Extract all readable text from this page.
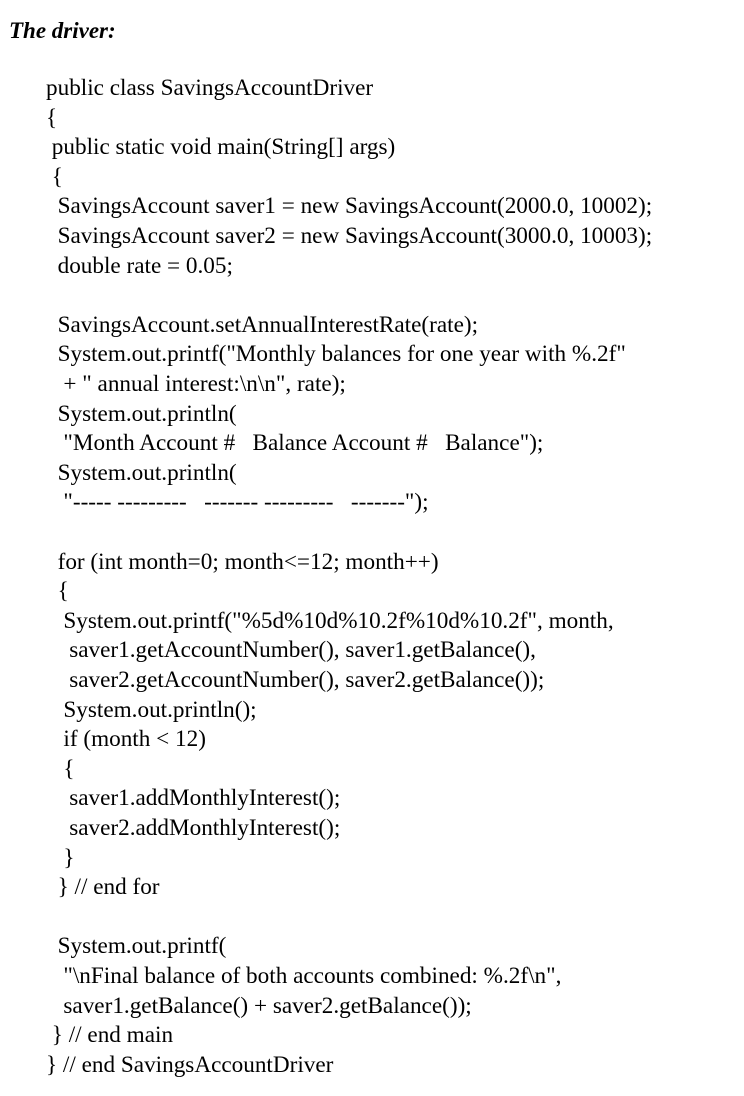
The driver:
public class SavingsAccountDriver
{
public static void main(String[] args)
{
SavingsAccount saver1 = new SavingsAccount(2000.0, 10002);
SavingsAccount saver2 = new SavingsAccount(3000.0, 10003);
double rate = 0.05;
SavingsAccount.setAnnualInterestRate(rate);
System.out.printf("Monthly balances for one year with %.2f"
+ " annual interest:\n\n", rate);
System.out.println(
"Month Account #   Balance Account #   Balance");
System.out.println(
"----- ---------   ------- ---------   -------");
for (int month=0; month<=12; month++)
{
System.out.printf("%5d%10d%10.2f%10d%10.2f", month,
saver1.getAccountNumber(), saver1.getBalance(),
saver2.getAccountNumber(), saver2.getBalance());
System.out.println();
if (month < 12)
{
saver1.addMonthlyInterest();
saver2.addMonthlyInterest();
}
} // end for
System.out.printf(
"\nFinal balance of both accounts combined: %.2f\n",
saver1.getBalance() + saver2.getBalance());
} // end main
} // end SavingsAccountDriver
